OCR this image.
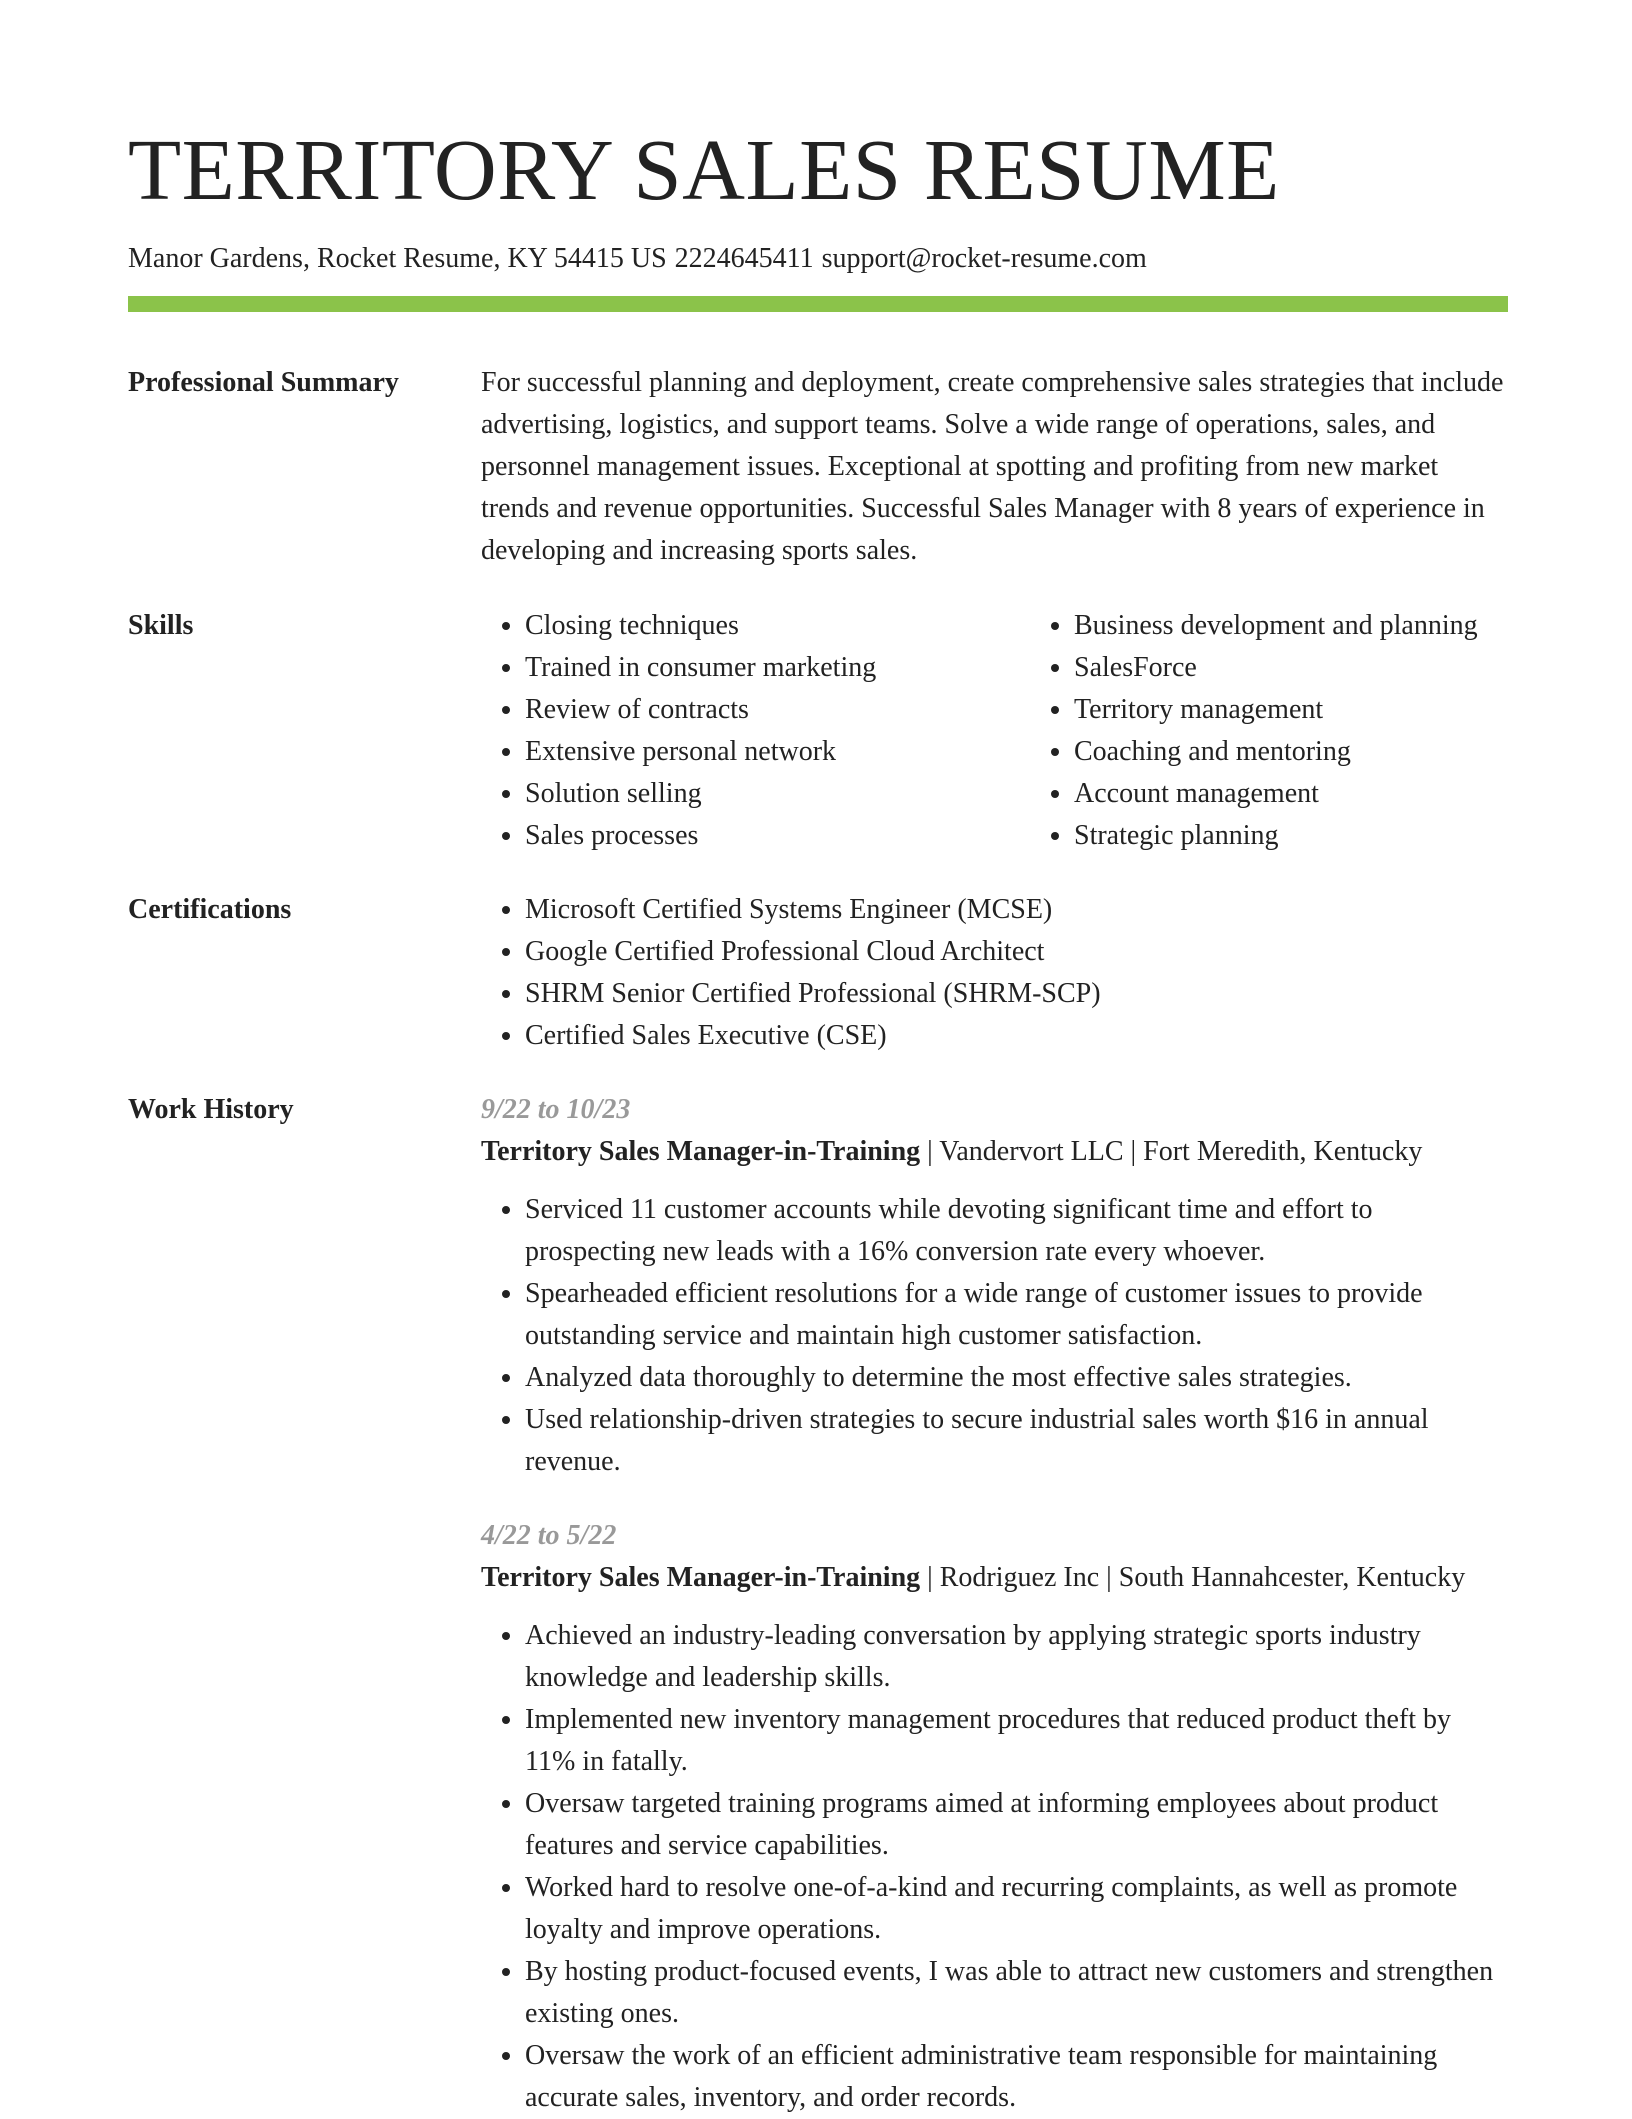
TERRITORY SALES RESUME
Manor Gardens, Rocket Resume, KY 54415 US 2224645411 support@rocket-resume.com
Professional Summary	For successful planning and deployment, create comprehensive sales strategies that include advertising, logistics, and support teams. Solve a wide range of operations, sales, and personnel management issues. Exceptional at spotting and profiting from new market trends and revenue opportunities. Successful Sales Manager with 8 years of experience in developing and increasing sports sales.
Skills	• Closing techniques
• Trained in consumer marketing
• Review of contracts
• Extensive personal network
• Solution selling
• Sales processes
• Business development and planning
• SalesForce
• Territory management
• Coaching and mentoring
• Account management
• Strategic planning
Certifications	• Microsoft Certified Systems Engineer (MCSE)
• Google Certified Professional Cloud Architect
• SHRM Senior Certified Professional (SHRM-SCP)
• Certified Sales Executive (CSE)
Work History	9/22 to 10/23
Territory Sales Manager-in-Training | Vandervort LLC | Fort Meredith, Kentucky
• Serviced 11 customer accounts while devoting significant time and effort to prospecting new leads with a 16% conversion rate every whoever.
• Spearheaded efficient resolutions for a wide range of customer issues to provide outstanding service and maintain high customer satisfaction.
• Analyzed data thoroughly to determine the most effective sales strategies.
• Used relationship-driven strategies to secure industrial sales worth $16 in annual revenue.
4/22 to 5/22
Territory Sales Manager-in-Training | Rodriguez Inc | South Hannahcester, Kentucky
• Achieved an industry-leading conversation by applying strategic sports industry knowledge and leadership skills.
• Implemented new inventory management procedures that reduced product theft by 11% in fatally.
• Oversaw targeted training programs aimed at informing employees about product features and service capabilities.
• Worked hard to resolve one-of-a-kind and recurring complaints, as well as promote loyalty and improve operations.
• By hosting product-focused events, I was able to attract new customers and strengthen existing ones.
• Oversaw the work of an efficient administrative team responsible for maintaining accurate sales, inventory, and order records.
